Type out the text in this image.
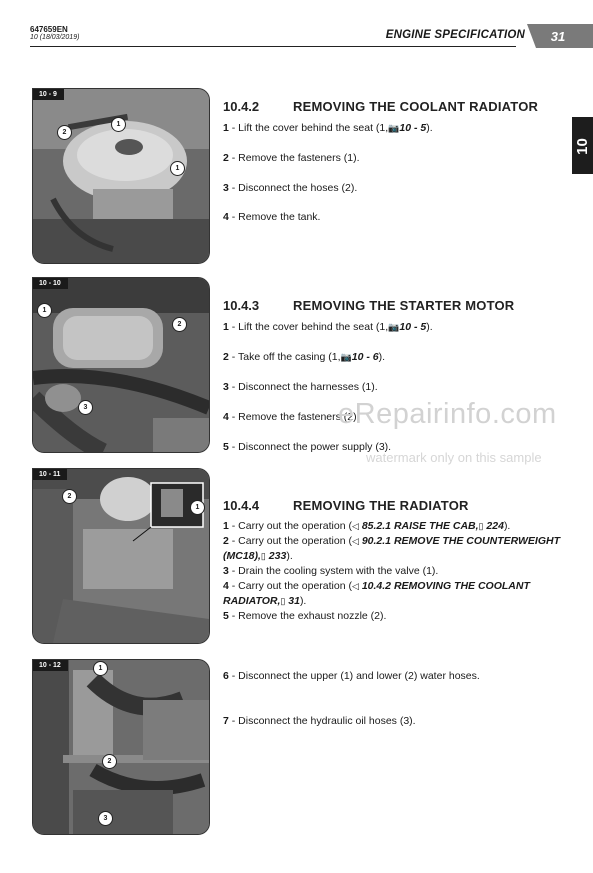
647659EN
10 (18/03/2019)	ENGINE SPECIFICATION	31
10
10 - 9
2
1
1
10 - 10
1
2
3
10 - 11
2
1
10 - 12	1
2
3
10.4.2	REMOVING THE COOLANT RADIATOR
1 - Lift the cover behind the seat (1,📷10 - 5).
2 - Remove the fasteners (1).
3 - Disconnect the hoses (2).
4 - Remove the tank.
10.4.3	REMOVING THE STARTER MOTOR
1 - Lift the cover behind the seat (1,📷10 - 5).
2 - Take off the casing (1,📷10 - 6).
3 - Disconnect the harnesses (1).
4 - Remove the fasteners (2).
5 - Disconnect the power supply (3).
10.4.4	REMOVING THE RADIATOR
1 - Carry out the operation (◁ 85.2.1 RAISE THE CAB,▯ 224).
2 - Carry out the operation (◁ 90.2.1 REMOVE THE COUNTERWEIGHT
(MC18),▯ 233).
3 - Drain the cooling system with the valve (1).
4 - Carry out the operation (◁ 10.4.2 REMOVING THE COOLANT
RADIATOR,▯ 31).
5 - Remove the exhaust nozzle (2).
6 - Disconnect the upper (1) and lower (2) water hoses.
7 - Disconnect the hydraulic oil hoses (3).
eRepairinfo.com
watermark only on this sample
